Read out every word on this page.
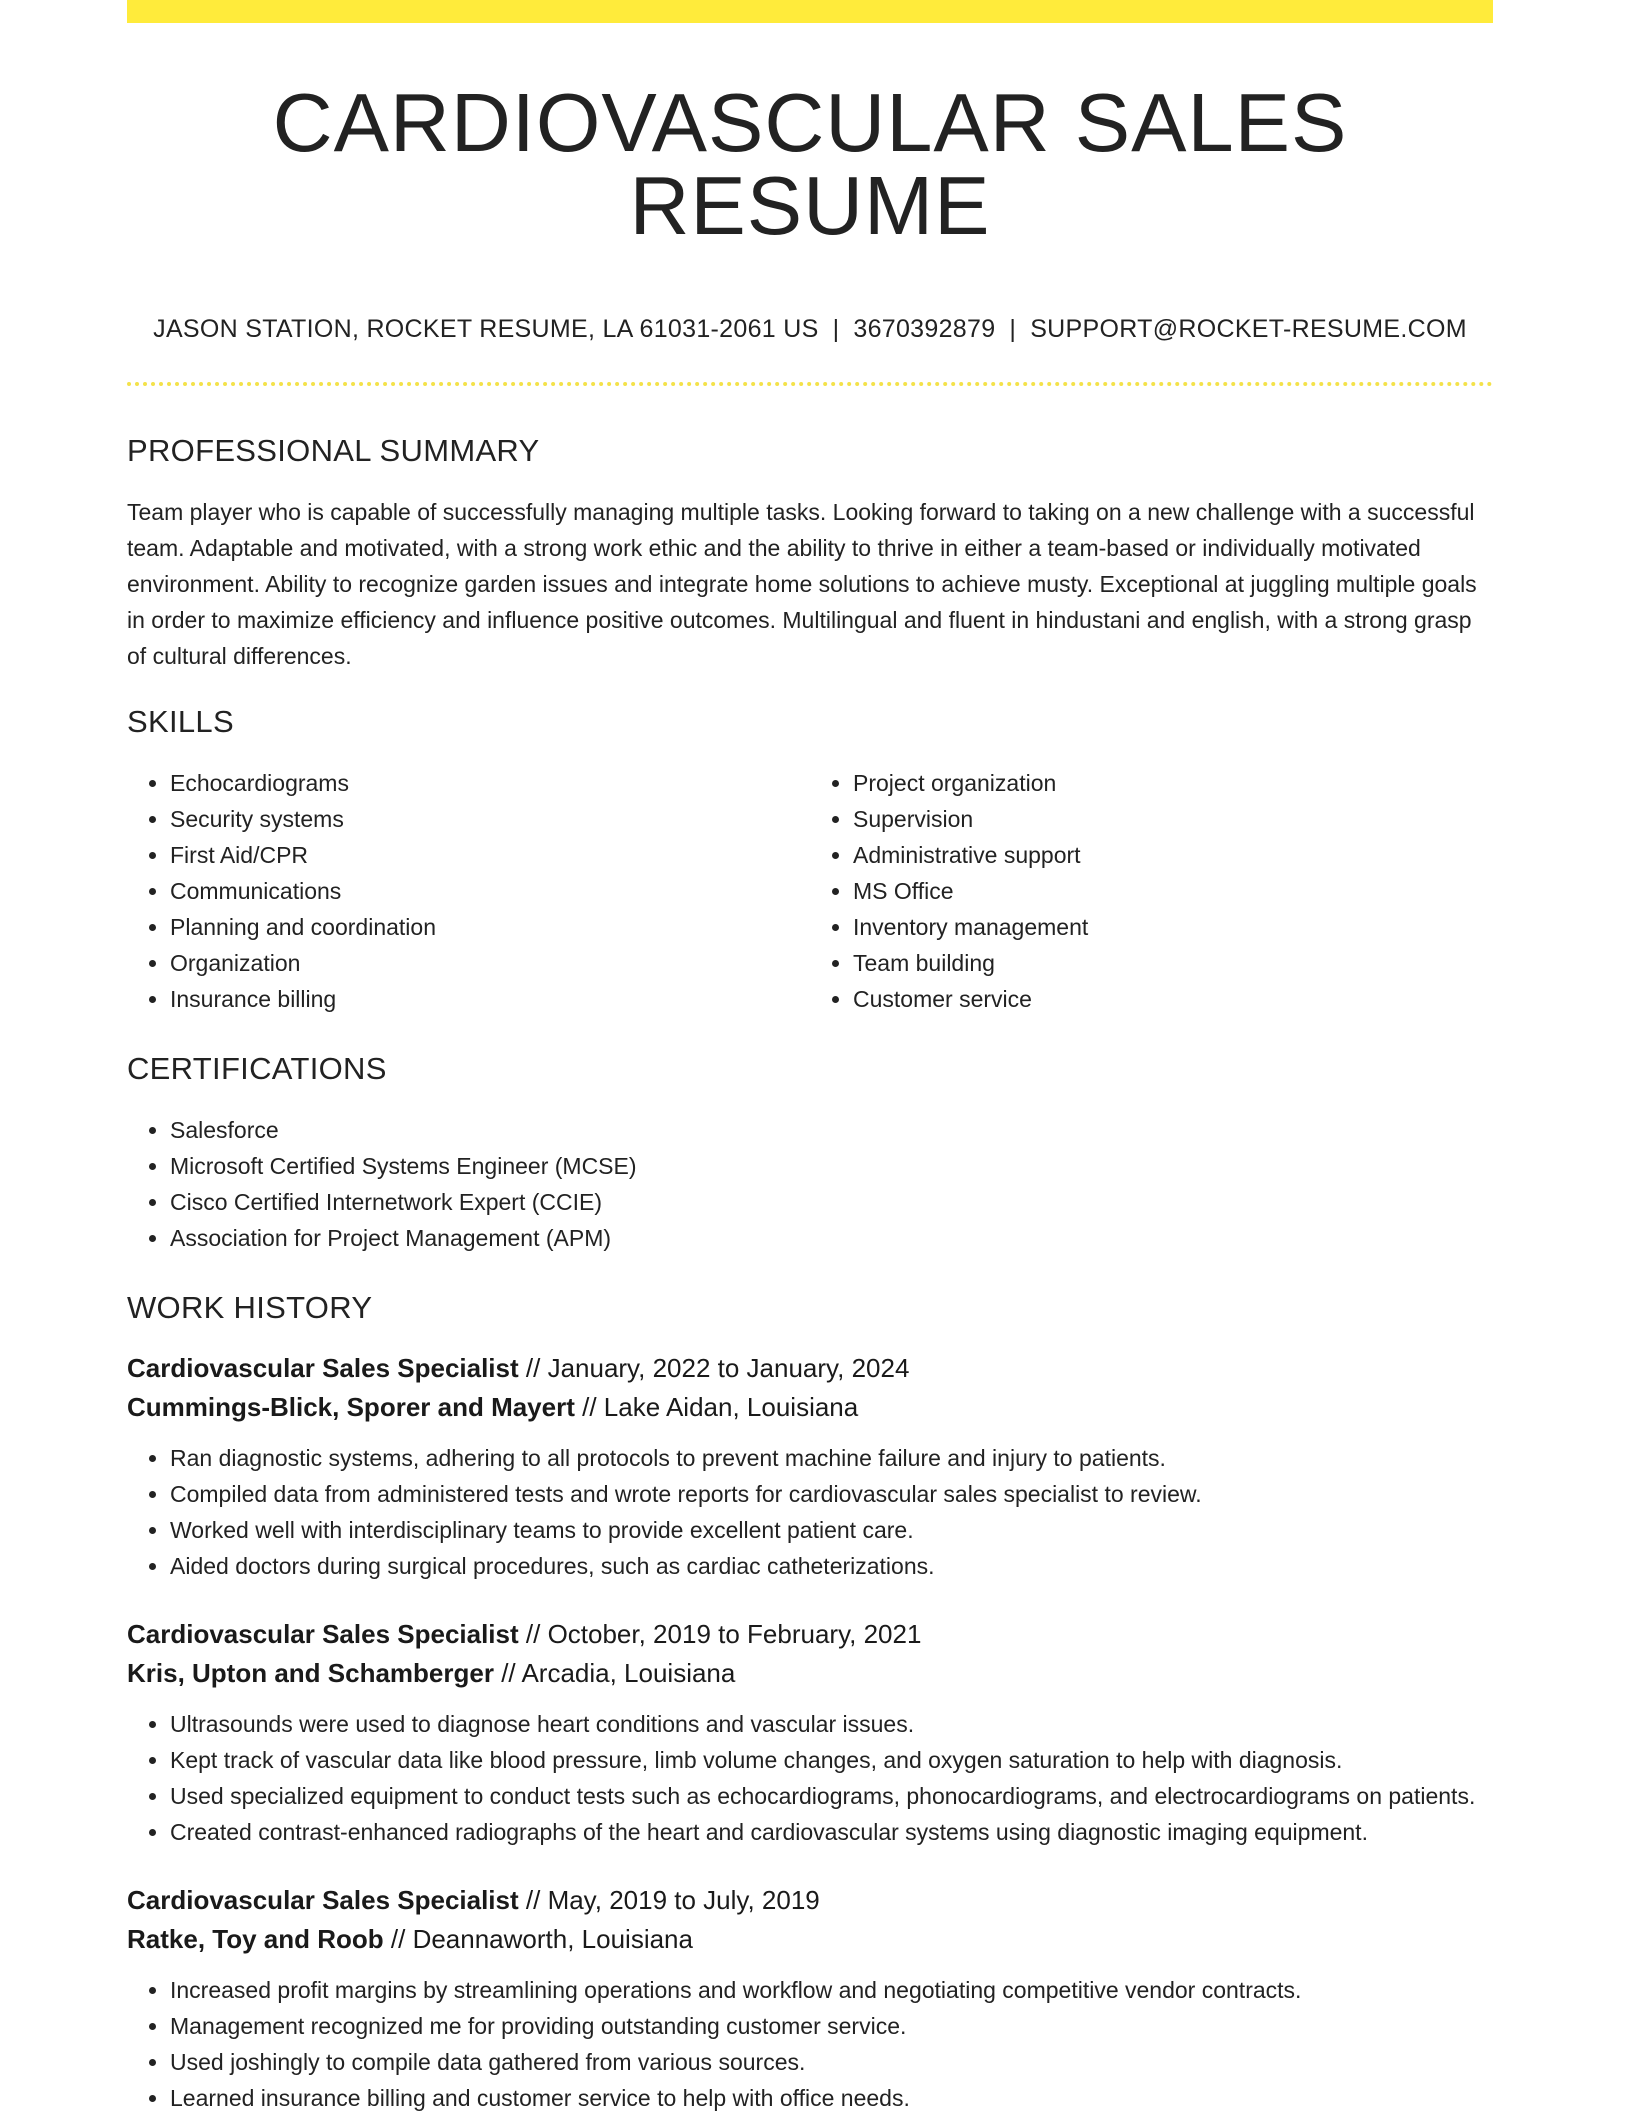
CARDIOVASCULAR SALES RESUME
JASON STATION, ROCKET RESUME, LA 61031-2061 US | 3670392879 | SUPPORT@ROCKET-RESUME.COM
PROFESSIONAL SUMMARY

Team player who is capable of successfully managing multiple tasks. Looking forward to taking on a new challenge with a successful team. Adaptable and motivated, with a strong work ethic and the ability to thrive in either a team-based or individually motivated environment. Ability to recognize garden issues and integrate home solutions to achieve musty. Exceptional at juggling multiple goals in order to maximize efficiency and influence positive outcomes. Multilingual and fluent in hindustani and english, with a strong grasp of cultural differences.

SKILLS
• Echocardiograms
• Security systems
• First Aid/CPR
• Communications
• Planning and coordination
• Organization
• Insurance billing
• Project organization
• Supervision
• Administrative support
• MS Office
• Inventory management
• Team building
• Customer service
CERTIFICATIONS
• Salesforce
• Microsoft Certified Systems Engineer (MCSE)
• Cisco Certified Internetwork Expert (CCIE)
• Association for Project Management (APM)
WORK HISTORY
Cardiovascular Sales Specialist // January, 2022 to January, 2024
Cummings-Blick, Sporer and Mayert // Lake Aidan, Louisiana
• Ran diagnostic systems, adhering to all protocols to prevent machine failure and injury to patients.
• Compiled data from administered tests and wrote reports for cardiovascular sales specialist to review.
• Worked well with interdisciplinary teams to provide excellent patient care.
• Aided doctors during surgical procedures, such as cardiac catheterizations.
Cardiovascular Sales Specialist // October, 2019 to February, 2021
Kris, Upton and Schamberger // Arcadia, Louisiana
• Ultrasounds were used to diagnose heart conditions and vascular issues.
• Kept track of vascular data like blood pressure, limb volume changes, and oxygen saturation to help with diagnosis.
• Used specialized equipment to conduct tests such as echocardiograms, phonocardiograms, and electrocardiograms on patients.
• Created contrast-enhanced radiographs of the heart and cardiovascular systems using diagnostic imaging equipment.
Cardiovascular Sales Specialist // May, 2019 to July, 2019
Ratke, Toy and Roob // Deannaworth, Louisiana
• Increased profit margins by streamlining operations and workflow and negotiating competitive vendor contracts.
• Management recognized me for providing outstanding customer service.
• Used joshingly to compile data gathered from various sources.
• Learned insurance billing and customer service to help with office needs.
